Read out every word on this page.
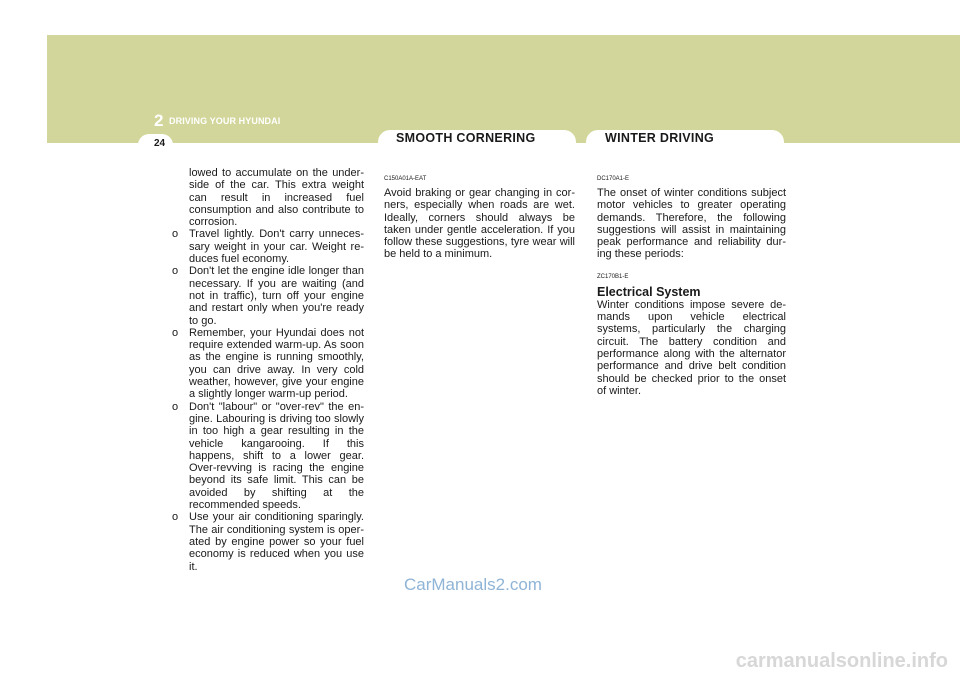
2 DRIVING YOUR HYUNDAI
24	SMOOTH CORNERING	WINTER DRIVING
lowed to accumulate on the under-side of the car. This extra weight can result in increased fuel consumption and also contribute to corrosion.
o Travel lightly. Don't carry unneces-sary weight in your car. Weight re-duces fuel economy.
o Don't let the engine idle longer than necessary. If you are waiting (and not in traffic), turn off your engine and restart only when you're ready to go.
o Remember, your Hyundai does not require extended warm-up. As soon as the engine is running smoothly, you can drive away. In very cold weather, however, give your engine a slightly longer warm-up period.
o Don't "labour" or "over-rev" the en-gine. Labouring is driving too slowly in too high a gear resulting in the vehicle kangarooing. If this happens, shift to a lower gear. Over-revving is racing the engine beyond its safe limit. This can be avoided by shifting at the recommended speeds.
o Use your air conditioning sparingly. The air conditioning system is oper-ated by engine power so your fuel economy is reduced when you use it.
C150A01A-EAT
Avoid braking or gear changing in cor-ners, especially when roads are wet. Ideally, corners should always be taken under gentle acceleration. If you follow these suggestions, tyre wear will be held to a minimum.
DC170A1-E
The onset of winter conditions subject motor vehicles to greater operating demands. Therefore, the following suggestions will assist in maintaining peak performance and reliability dur-ing these periods:
ZC170B1-E
Electrical System
Winter conditions impose severe de-mands upon vehicle electrical systems, particularly the charging circuit. The battery condition and performance along with the alternator performance and drive belt condition should be checked prior to the onset of winter.
CarManuals2.com
carmanualsonline.info
